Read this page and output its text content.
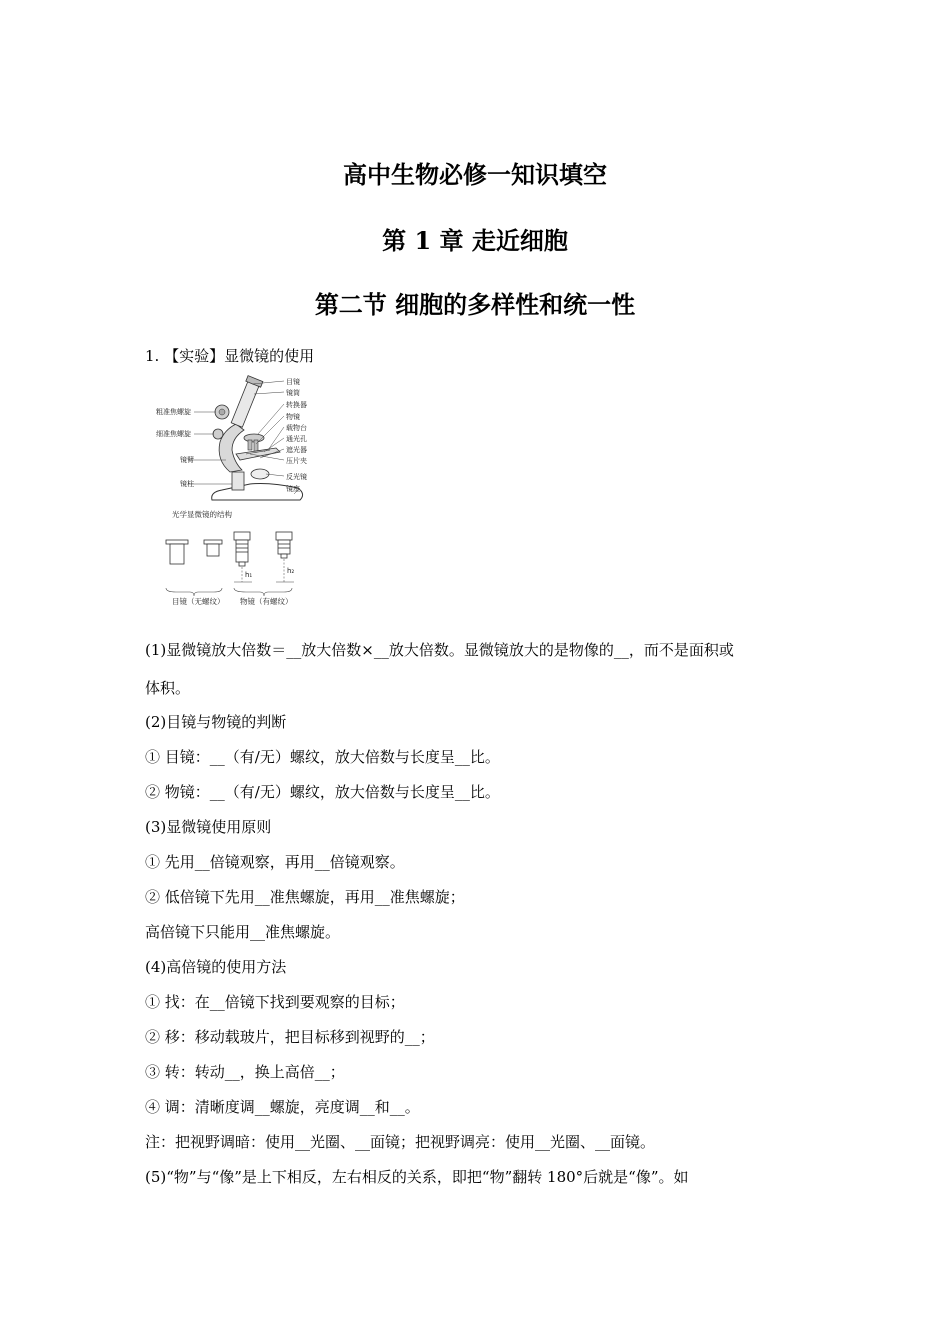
高中生物必修一知识填空
第 1 章 走近细胞
第二节 细胞的多样性和统一性

1. 【实验】显微镜的使用

目镜
镜筒
转换器
物镜
载物台
通光孔
遮光器
压片夹
反光镜
镜座
粗准焦螺旋
细准焦螺旋
镜臂
镜柱
光学显微镜的结构
h₁	h₂
目镜（无螺纹） 物镜（有螺纹）

(1)显微镜放大倍数＝__放大倍数×__放大倍数。显微镜放大的是物像的__，而不是面积或

体积。

(2)目镜与物镜的判断

① 目镜：__（有/无）螺纹，放大倍数与长度呈__比。

② 物镜：__（有/无）螺纹，放大倍数与长度呈__比。

(3)显微镜使用原则

① 先用__倍镜观察，再用__倍镜观察。

② 低倍镜下先用__准焦螺旋，再用__准焦螺旋；

高倍镜下只能用__准焦螺旋。

(4)高倍镜的使用方法

① 找：在__倍镜下找到要观察的目标；

② 移：移动载玻片，把目标移到视野的__；

③ 转：转动__，换上高倍__；

④ 调：清晰度调__螺旋，亮度调__和__。

注：把视野调暗：使用__光圈、__面镜；把视野调亮：使用__光圈、__面镜。

(5)“物”与“像”是上下相反，左右相反的关系，即把“物”翻转 180°后就是“像”。如
